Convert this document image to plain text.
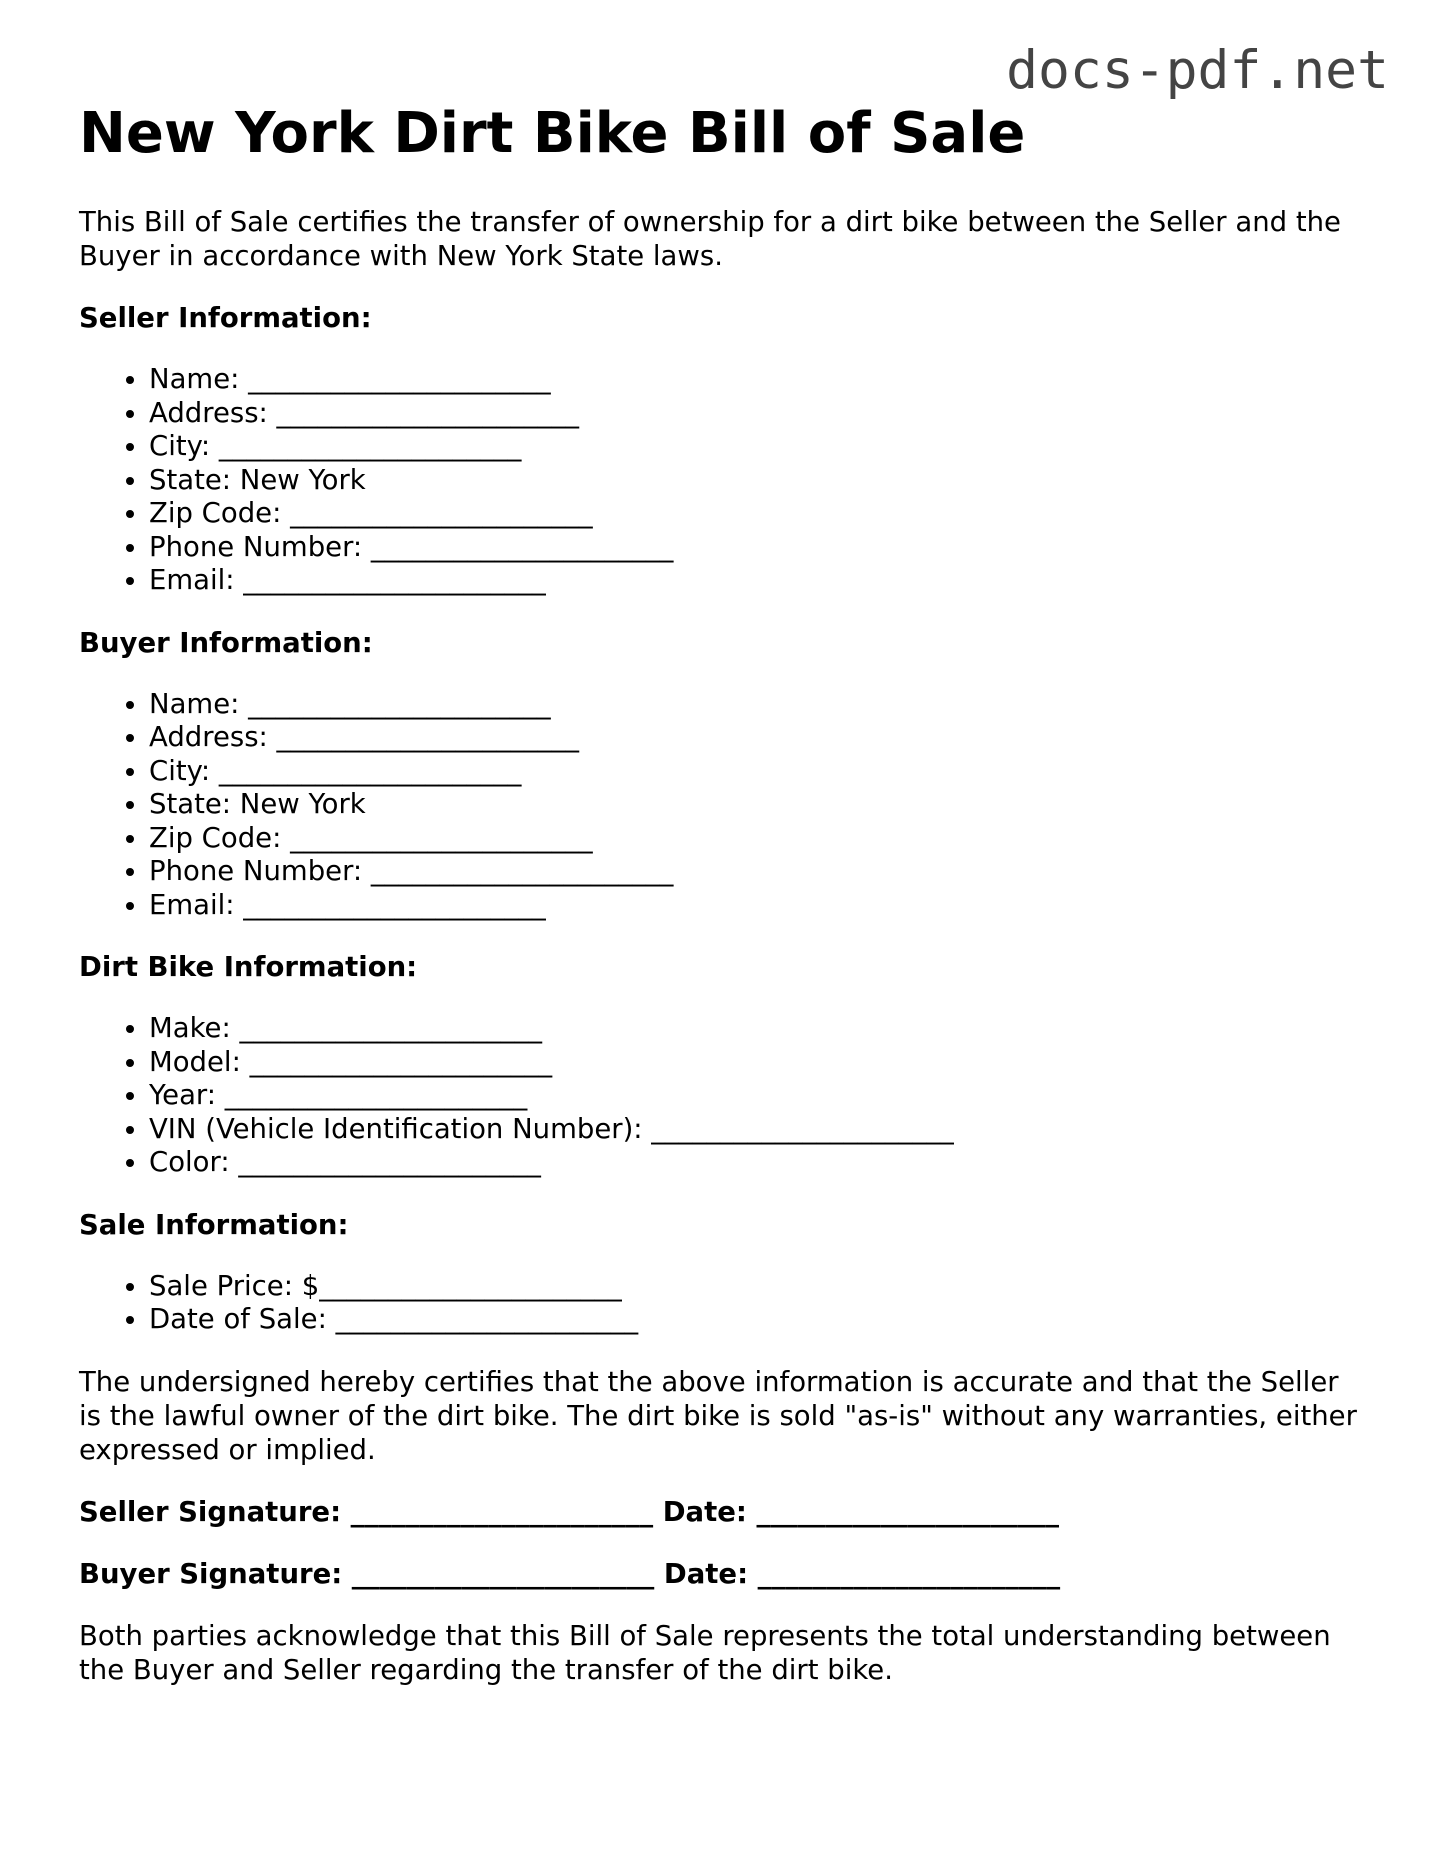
docs-pdf.net
New York Dirt Bike Bill of Sale

This Bill of Sale certifies the transfer of ownership for a dirt bike between the Seller and the Buyer in accordance with New York State laws.

Seller Information:
• Name: ______________________
• Address: ______________________
• City: ______________________
• State: New York
• Zip Code: ______________________
• Phone Number: ______________________
• Email: ______________________
Buyer Information:
• Name: ______________________
• Address: ______________________
• City: ______________________
• State: New York
• Zip Code: ______________________
• Phone Number: ______________________
• Email: ______________________
Dirt Bike Information:
• Make: ______________________
• Model: ______________________
• Year: ______________________
• VIN (Vehicle Identification Number): ______________________
• Color: ______________________
Sale Information:
• Sale Price: $______________________
• Date of Sale: ______________________

The undersigned hereby certifies that the above information is accurate and that the Seller is the lawful owner of the dirt bike. The dirt bike is sold "as-is" without any warranties, either expressed or implied.

Seller Signature: ______________________ Date: ______________________
Buyer Signature: ______________________ Date: ______________________

Both parties acknowledge that this Bill of Sale represents the total understanding between the Buyer and Seller regarding the transfer of the dirt bike.
